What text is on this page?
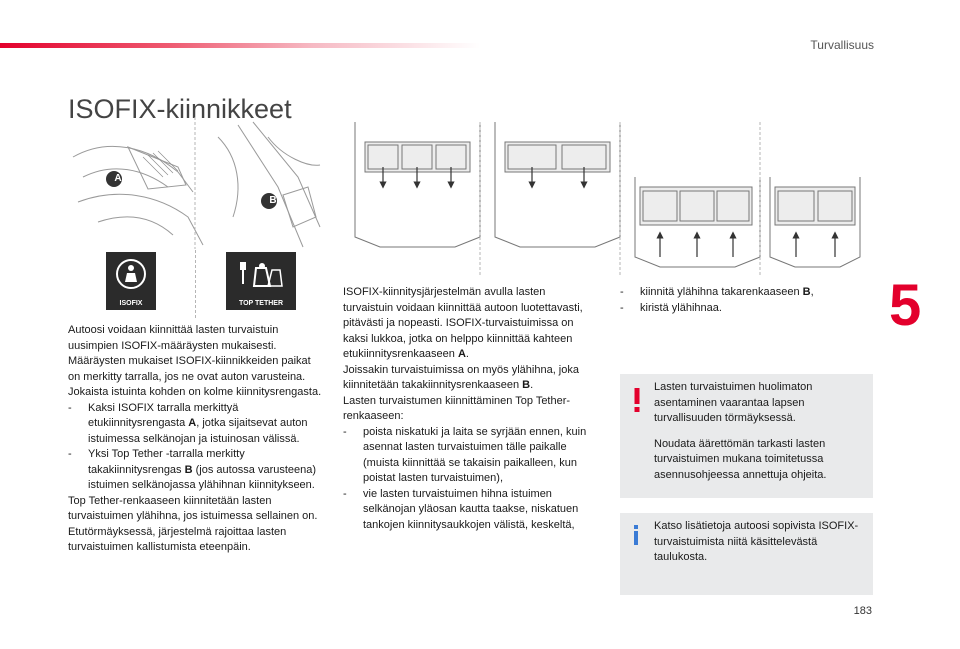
Turvallisuus
ISOFIX-kiinnikkeet
5
A
B
ISOFIX	TOP TETHER

Autoosi voidaan kiinnittää lasten turvaistuin uusimpien ISOFIX-määräysten mukaisesti.

Määräysten mukaiset ISOFIX-kiinnikkeiden paikat on merkitty tarralla, jos ne ovat auton varusteina.

Jokaista istuinta kohden on kolme kiinnitysrengasta.

-	Kaksi ISOFIX tarralla merkittyä etukiinnitysrengasta A, jotka sijaitsevat auton istuimessa selkänojan ja istuinosan välissä.
-	Yksi Top Tether -tarralla merkitty takakiinnitysrengas B (jos autossa varusteena) istuimen selkänojassa ylähihnan kiinnitykseen.

Top Tether-renkaaseen kiinnitetään lasten turvaistuimen ylähihna, jos istuimessa sellainen on. Etutörmäyksessä, järjestelmä rajoittaa lasten turvaistuimen kallistumista eteenpäin.

ISOFIX-kiinnitysjärjestelmän avulla lasten turvaistuin voidaan kiinnittää autoon luotettavasti, pitävästi ja nopeasti. ISOFIX-turvaistuimissa on kaksi lukkoa, jotka on helppo kiinnittää kahteen etukiinnitysrenkaaseen A.

Joissakin turvaistuimissa on myös ylähihna, joka kiinnitetään takakiinnitysrenkaaseen B.

Lasten turvaistumen kiinnittäminen Top Tether-renkaaseen:

-	poista niskatuki ja laita se syrjään ennen, kuin asennat lasten turvaistuimen tälle paikalle (muista kiinnittää se takaisin paikalleen, kun poistat lasten turvaistuimen),
-	vie lasten turvaistuimen hihna istuimen selkänojan yläosan kautta taakse, niskatuen tankojen kiinnitysaukkojen välistä, keskeltä,
-	kiinnitä ylähihna takarenkaaseen B,
-	kiristä ylähihnaa.

Lasten turvaistuimen huolimaton asentaminen vaarantaa lapsen turvallisuuden törmäyksessä.

Noudata äärettömän tarkasti lasten turvaistuimen mukana toimitetussa asennusohjeessa annettuja ohjeita.

Katso lisätietoja autoosi sopivista ISOFIX-turvaistuimista niitä käsittelevästä taulukosta.

183
